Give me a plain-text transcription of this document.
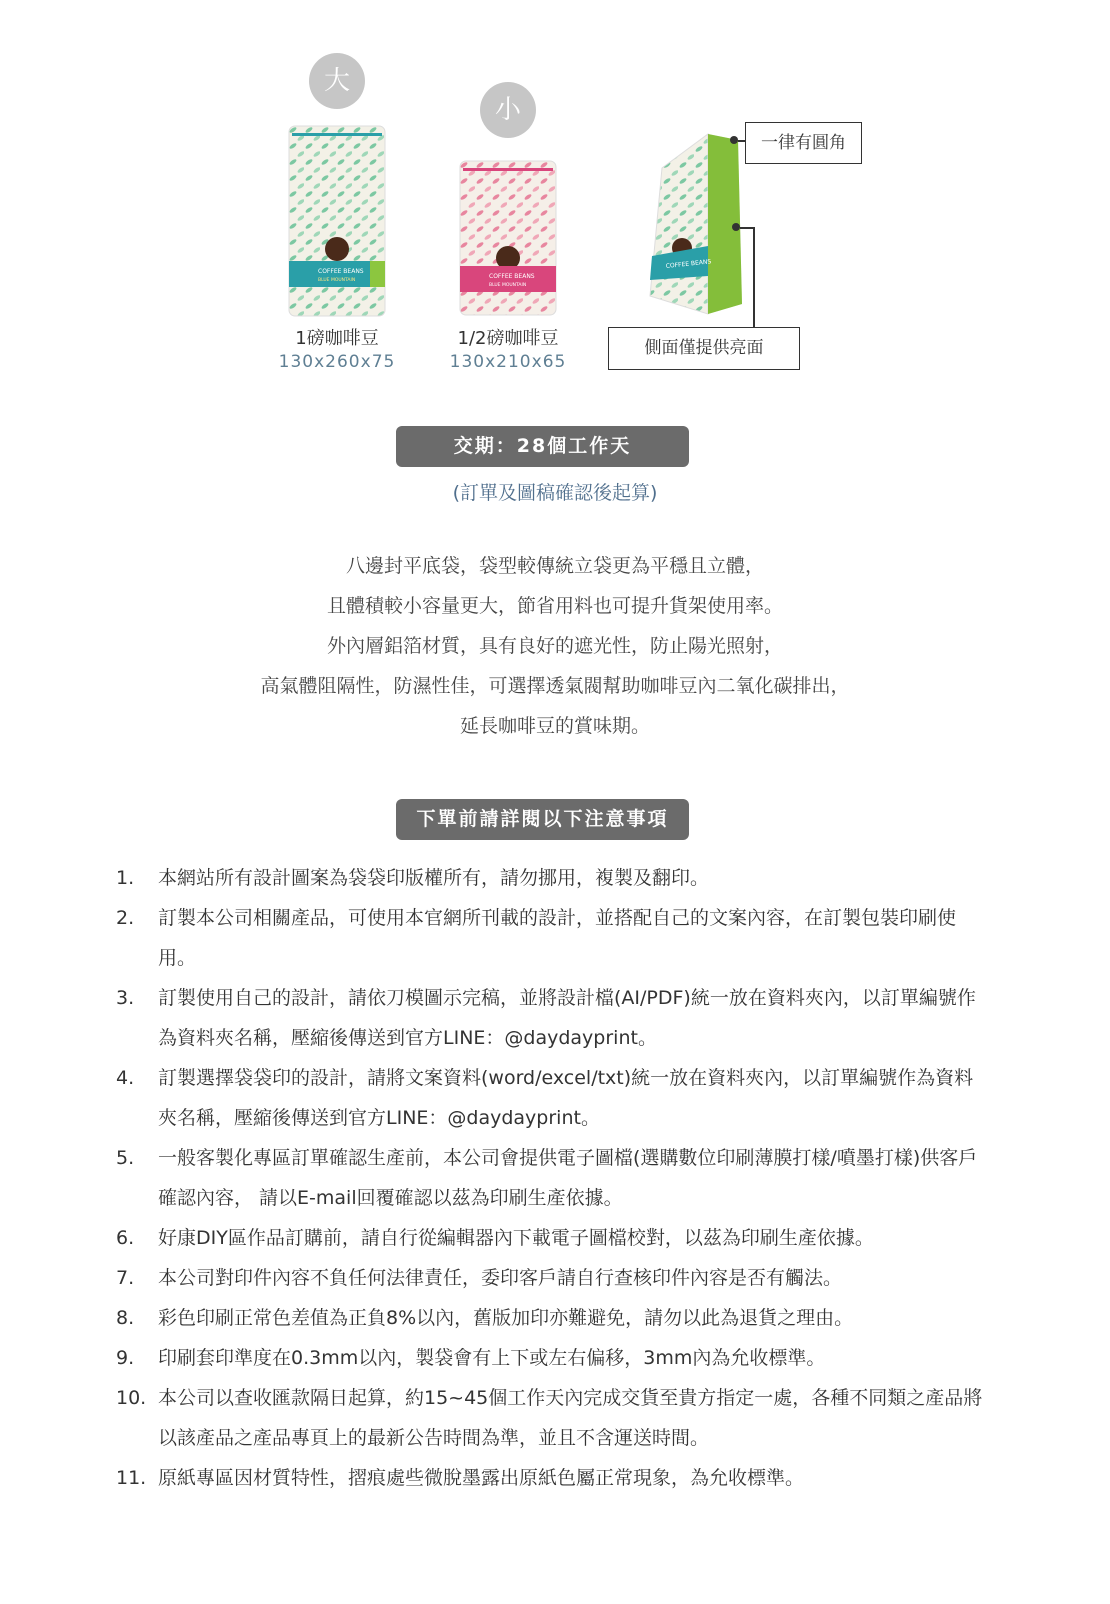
大
COFFEE BEANS
BLUE MOUNTAIN
1磅咖啡豆
130x260x75
小
COFFEE BEANS
BLUE MOUNTAIN
1/2磅咖啡豆
130x210x65
COFFEE BEANS
一律有圓角
側面僅提供亮面
交期：28個工作天
(訂單及圖稿確認後起算)
八邊封平底袋，袋型較傳統立袋更為平穩且立體，
且體積較小容量更大，節省用料也可提升貨架使用率。
外內層鋁箔材質，具有良好的遮光性，防止陽光照射，
高氣體阻隔性，防濕性佳，可選擇透氣閥幫助咖啡豆內二氧化碳排出，
延長咖啡豆的賞味期。
下單前請詳閱以下注意事項
1. 本網站所有設計圖案為袋袋印版權所有，請勿挪用，複製及翻印。
2. 訂製本公司相關產品，可使用本官網所刊載的設計，並搭配自己的文案內容，在訂製包裝印刷使用。
3. 訂製使用自己的設計，請依刀模圖示完稿，並將設計檔(AI/PDF)統一放在資料夾內，以訂單編號作為資料夾名稱，壓縮後傳送到官方LINE：@daydayprint。
4. 訂製選擇袋袋印的設計，請將文案資料(word/excel/txt)統一放在資料夾內，以訂單編號作為資料夾名稱，壓縮後傳送到官方LINE：@daydayprint。
5. 一般客製化專區訂單確認生產前，本公司會提供電子圖檔(選購數位印刷薄膜打樣/噴墨打樣)供客戶確認內容， 請以E-mail回覆確認以茲為印刷生產依據。
6. 好康DIY區作品訂購前，請自行從編輯器內下載電子圖檔校對，以茲為印刷生產依據。
7. 本公司對印件內容不負任何法律責任，委印客戶請自行查核印件內容是否有觸法。
8. 彩色印刷正常色差值為正負8%以內，舊版加印亦難避免，請勿以此為退貨之理由。
9. 印刷套印準度在0.3mm以內，製袋會有上下或左右偏移，3mm內為允收標準。
10. 本公司以查收匯款隔日起算，約15~45個工作天內完成交貨至貴方指定一處，各種不同類之產品將以該產品之產品專頁上的最新公告時間為準，並且不含運送時間。
11. 原紙專區因材質特性，摺痕處些微脫墨露出原紙色屬正常現象，為允收標準。
